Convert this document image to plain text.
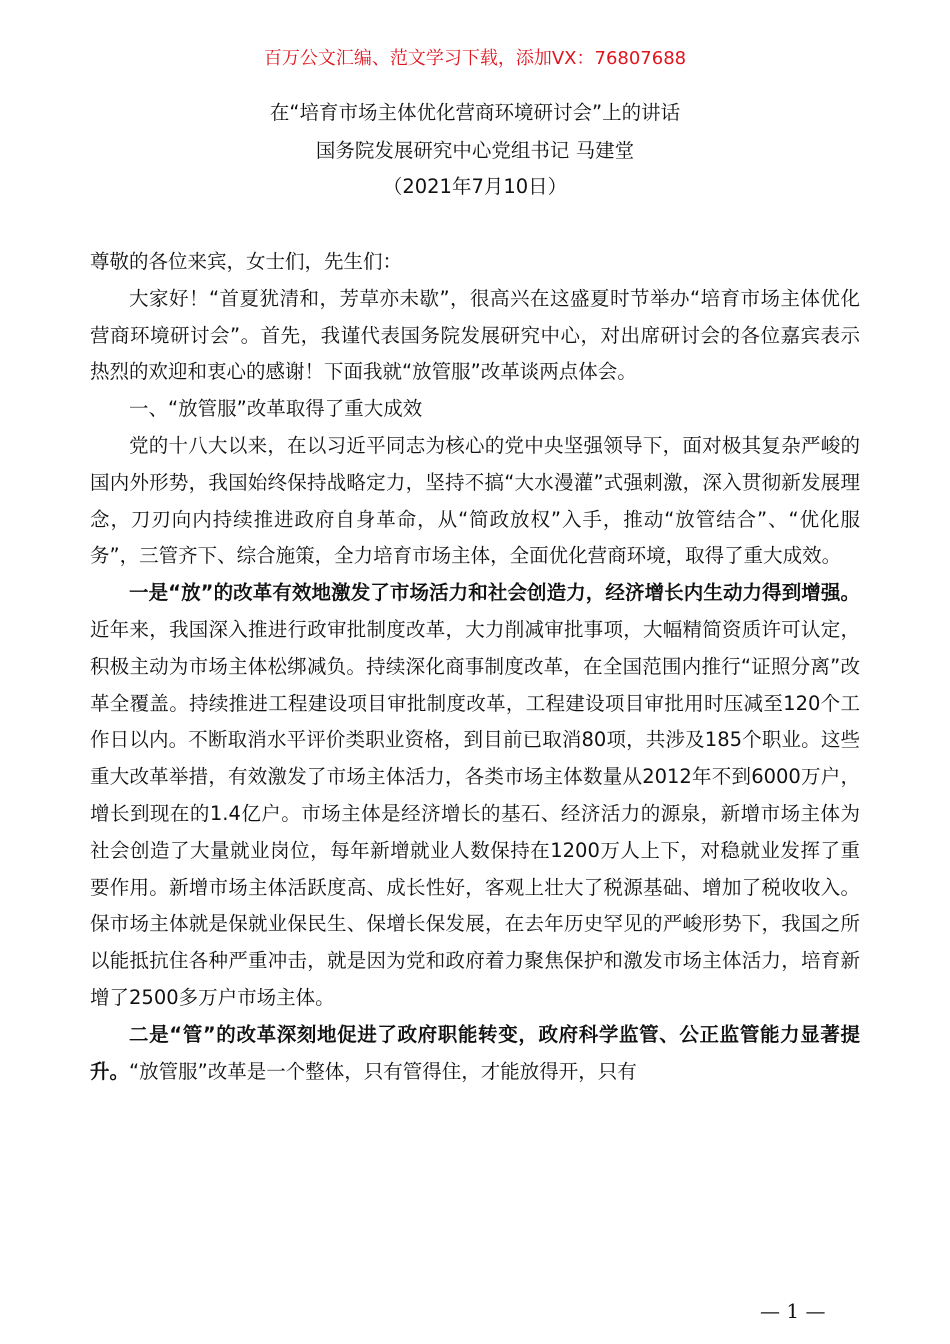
百万公文汇编、范文学习下载，添加VX：76807688
在“培育市场主体优化营商环境研讨会”上的讲话
国务院发展研究中心党组书记 马建堂
（2021年7月10日）

尊敬的各位来宾，女士们，先生们：

大家好！“首夏犹清和，芳草亦未歇”，很高兴在这盛夏时节举办“培育市场主体优化营商环境研讨会”。首先，我谨代表国务院发展研究中心，对出席研讨会的各位嘉宾表示热烈的欢迎和衷心的感谢！下面我就“放管服”改革谈两点体会。

一、“放管服”改革取得了重大成效

党的十八大以来，在以习近平同志为核心的党中央坚强领导下，面对极其复杂严峻的国内外形势，我国始终保持战略定力，坚持不搞“大水漫灌”式强刺激，深入贯彻新发展理念，刀刃向内持续推进政府自身革命，从“简政放权”入手，推动“放管结合”、“优化服务”，三管齐下、综合施策，全力培育市场主体，全面优化营商环境，取得了重大成效。

一是“放”的改革有效地激发了市场活力和社会创造力，经济增长内生动力得到增强。近年来，我国深入推进行政审批制度改革，大力削减审批事项，大幅精简资质许可认定，积极主动为市场主体松绑减负。持续深化商事制度改革，在全国范围内推行“证照分离”改革全覆盖。持续推进工程建设项目审批制度改革，工程建设项目审批用时压减至120个工作日以内。不断取消水平评价类职业资格，到目前已取消80项，共涉及185个职业。这些重大改革举措，有效激发了市场主体活力，各类市场主体数量从2012年不到6000万户，增长到现在的1.4亿户。市场主体是经济增长的基石、经济活力的源泉，新增市场主体为社会创造了大量就业岗位，每年新增就业人数保持在1200万人上下，对稳就业发挥了重要作用。新增市场主体活跃度高、成长性好，客观上壮大了税源基础、增加了税收收入。保市场主体就是保就业保民生、保增长保发展，在去年历史罕见的严峻形势下，我国之所以能抵抗住各种严重冲击，就是因为党和政府着力聚焦保护和激发市场主体活力，培育新增了2500多万户市场主体。

二是“管”的改革深刻地促进了政府职能转变，政府科学监管、公正监管能力显著提升。“放管服”改革是一个整体，只有管得住，才能放得开，只有

— 1 —
